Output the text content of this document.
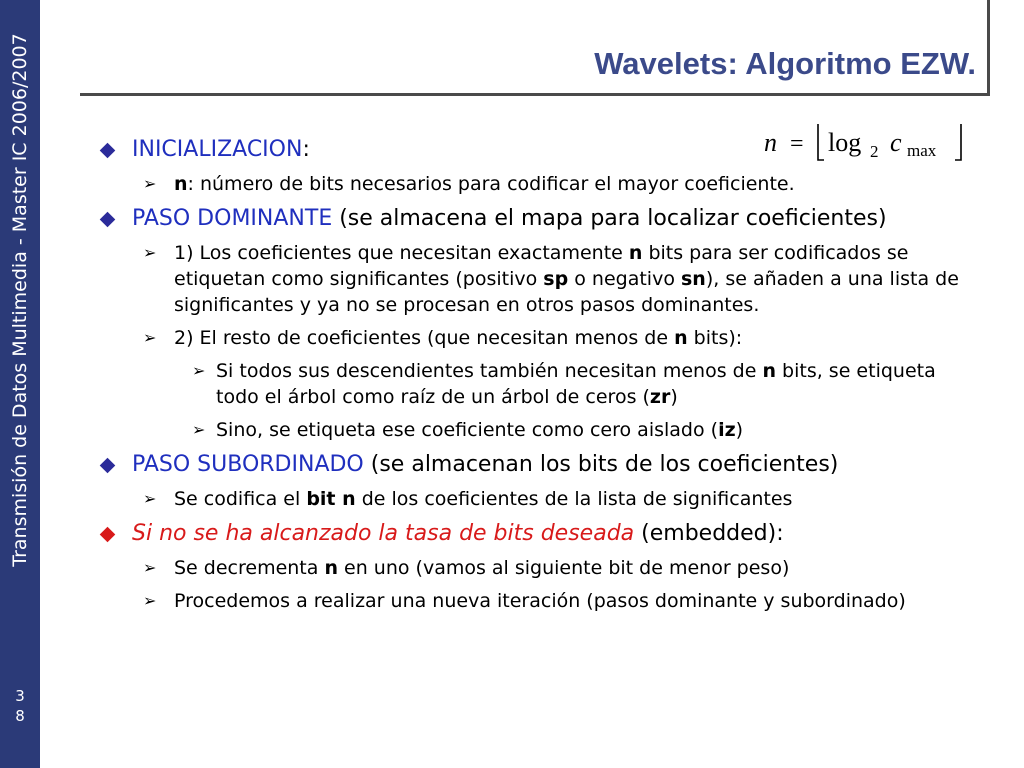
Transmisión de Datos Multimedia - Master IC 2006/2007
3
8
Wavelets: Algoritmo EZW.
n = log 2 c max
INICIALIZACION:
➢ n: número de bits necesarios para codificar el mayor coeficiente.
PASO DOMINANTE (se almacena el mapa para localizar coeficientes)
➢ 1) Los coeficientes que necesitan exactamente n bits para ser codificados se etiquetan como significantes (positivo sp o negativo sn), se añaden a una lista de significantes y ya no se procesan en otros pasos dominantes.
➢ 2) El resto de coeficientes (que necesitan menos de n bits):
➢ Si todos sus descendientes también necesitan menos de n bits, se etiqueta todo el árbol como raíz de un árbol de ceros (zr)
➢ Sino, se etiqueta ese coeficiente como cero aislado (iz)
PASO SUBORDINADO (se almacenan los bits de los coeficientes)
➢ Se codifica el bit n de los coeficientes de la lista de significantes
Si no se ha alcanzado la tasa de bits deseada (embedded):
➢ Se decrementa n en uno (vamos al siguiente bit de menor peso)
➢ Procedemos a realizar una nueva iteración (pasos dominante y subordinado)
